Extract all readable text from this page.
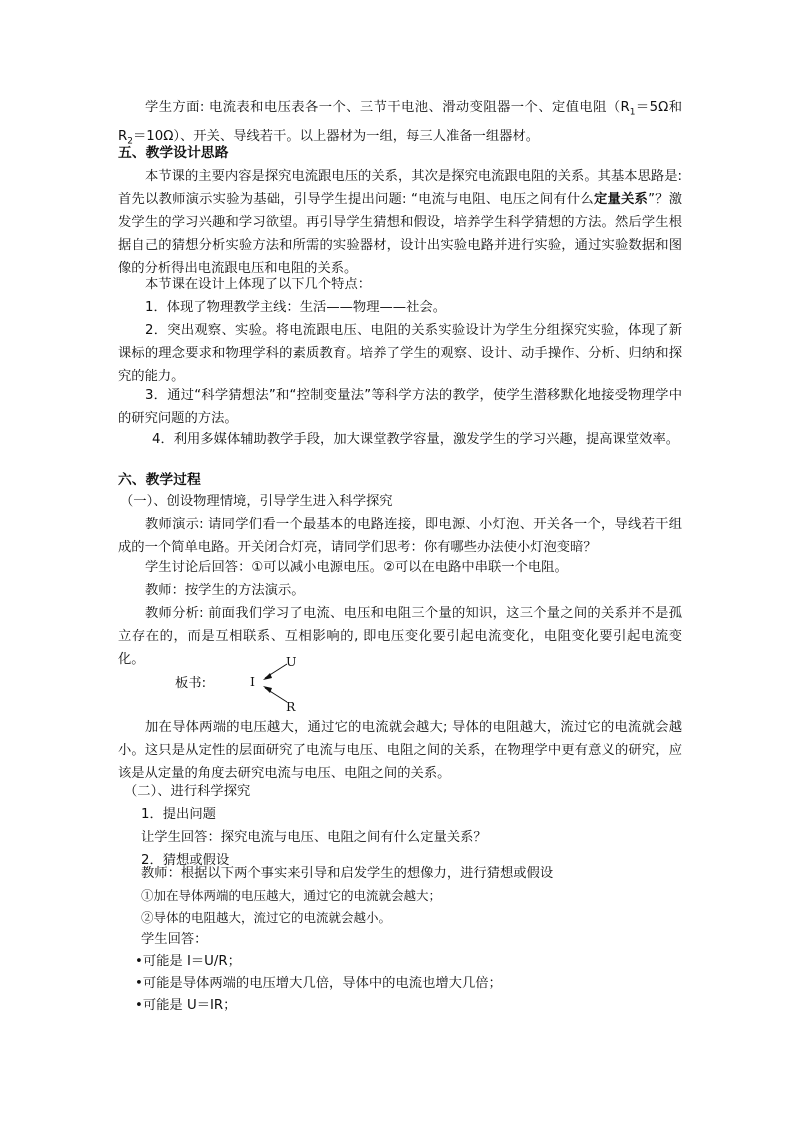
学生方面: 电流表和电压表各一个、三节干电池、滑动变阻器一个、定值电阻（$R_1=5\Omega$和 $R_2=10\Omega$）、开关、导线若干。以上器材为一组，每三人准备一组器材。

五、教学设计思路

本节课的主要内容是探究电流跟电压的关系，其次是探究电流跟电阻的关系。其基本思路是: 首先以教师演示实验为基础，引导学生提出问题: “电流与电阻、电压之间有什么定量关系”？激发学生的学习兴趣和学习欲望。再引导学生猜想和假设，培养学生科学猜想的方法。然后学生根据自己的猜想分析实验方法和所需的实验器材，设计出实验电路并进行实验，通过实验数据和图像的分析得出电流跟电压和电阻的关系。

本节课在设计上体现了以下几个特点：

1．体现了物理教学主线：生活——物理——社会。

2．突出观察、实验。将电流跟电压、电阻的关系实验设计为学生分组探究实验，体现了新课标的理念要求和物理学科的素质教育。培养了学生的观察、设计、动手操作、分析、归纳和探究的能力。

3．通过“科学猜想法”和“控制变量法”等科学方法的教学，使学生潜移默化地接受物理学中的研究问题的方法。

4．利用多媒体辅助教学手段，加大课堂教学容量，激发学生的学习兴趣，提高课堂效率。

六、教学过程

（一）、创设物理情境，引导学生进入科学探究

教师演示: 请同学们看一个最基本的电路连接，即电源、小灯泡、开关各一个，导线若干组成的一个简单电路。开关闭合灯亮，请同学们思考：你有哪些办法使小灯泡变暗？

学生讨论后回答：①可以减小电源电压。②可以在电路中串联一个电阻。

教师：按学生的方法演示。

教师分析: 前面我们学习了电流、电压和电阻三个量的知识，这三个量之间的关系并不是孤立存在的，而是互相联系、互相影响的, 即电压变化要引起电流变化，电阻变化要引起电流变化。

板书:	I
U
R

加在导体两端的电压越大，通过它的电流就会越大; 导体的电阻越大，流过它的电流就会越小。这只是从定性的层面研究了电流与电压、电阻之间的关系，在物理学中更有意义的研究，应该是从定量的角度去研究电流与电压、电阻之间的关系。

（二）、进行科学探究

1．提出问题

让学生回答：探究电流与电压、电阻之间有什么定量关系？

2．猜想或假设

教师：根据以下两个事实来引导和启发学生的想像力，进行猜想或假设

①加在导体两端的电压越大，通过它的电流就会越大；

②导体的电阻越大，流过它的电流就会越小。

学生回答：

•可能是 I＝U/R；

•可能是导体两端的电压增大几倍，导体中的电流也增大几倍；

•可能是 U＝IR；
